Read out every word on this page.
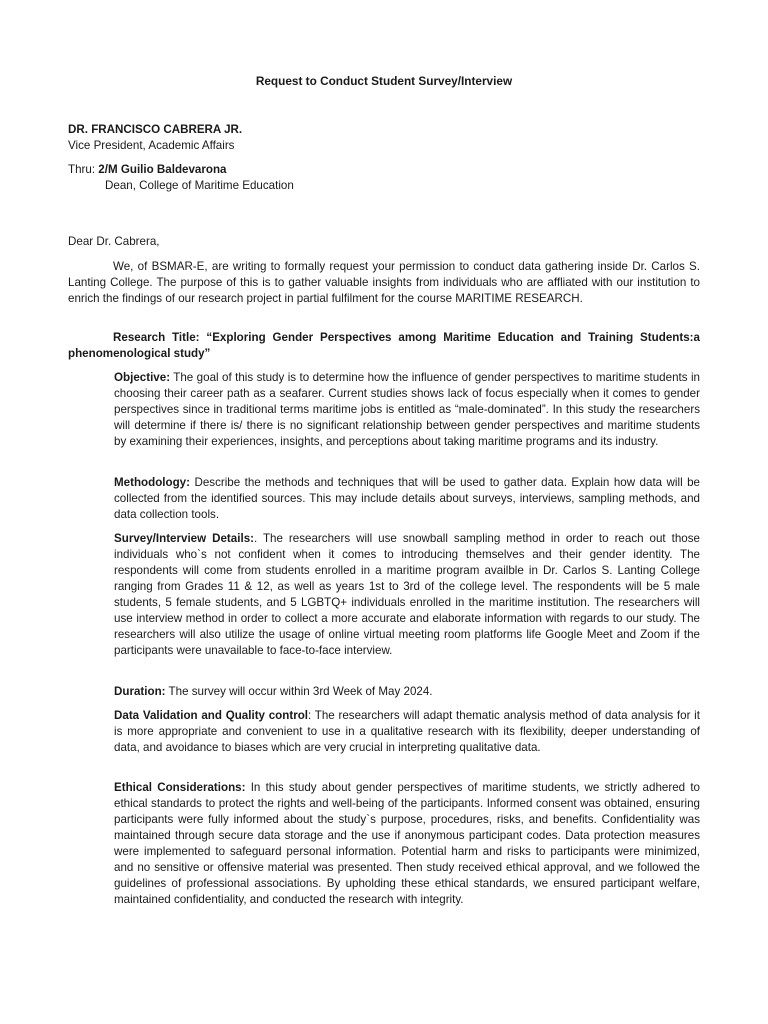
Request to Conduct Student Survey/Interview
DR. FRANCISCO CABRERA JR.
Vice President, Academic Affairs
Thru: 2/M Guilio Baldevarona
Dean, College of Maritime Education
Dear Dr. Cabrera,

We, of BSMAR-E, are writing to formally request your permission to conduct data gathering inside Dr. Carlos S. Lanting College. The purpose of this is to gather valuable insights from individuals who are affliated with our institution to enrich the findings of our research project in partial fulfilment for the course MARITIME RESEARCH.

Research Title: “Exploring Gender Perspectives among Maritime Education and Training Students:a phenomenological study”

Objective: The goal of this study is to determine how the influence of gender perspectives to maritime students in choosing their career path as a seafarer. Current studies shows lack of focus especially when it comes to gender perspectives since in traditional terms maritime jobs is entitled as “male-dominated”. In this study the researchers will determine if there is/ there is no significant relationship between gender perspectives and maritime students by examining their experiences, insights, and perceptions about taking maritime programs and its industry.

Methodology: Describe the methods and techniques that will be used to gather data. Explain how data will be collected from the identified sources. This may include details about surveys, interviews, sampling methods, and data collection tools.

Survey/Interview Details:. The researchers will use snowball sampling method in order to reach out those individuals who`s not confident when it comes to introducing themselves and their gender identity. The respondents will come from students enrolled in a maritime program availble in Dr. Carlos S. Lanting College ranging from Grades 11 & 12, as well as years 1st to 3rd of the college level. The respondents will be 5 male students, 5 female students, and 5 LGBTQ+ individuals enrolled in the maritime institution. The researchers will use interview method in order to collect a more accurate and elaborate information with regards to our study. The researchers will also utilize the usage of online virtual meeting room platforms life Google Meet and Zoom if the participants were unavailable to face-to-face interview.

Duration: The survey will occur within 3rd Week of May 2024.

Data Validation and Quality control: The researchers will adapt thematic analysis method of data analysis for it is more appropriate and convenient to use in a qualitative research with its flexibility, deeper understanding of data, and avoidance to biases which are very crucial in interpreting qualitative data.

Ethical Considerations: In this study about gender perspectives of maritime students, we strictly adhered to ethical standards to protect the rights and well-being of the participants. Informed consent was obtained, ensuring participants were fully informed about the study`s purpose, procedures, risks, and benefits. Confidentiality was maintained through secure data storage and the use if anonymous participant codes. Data protection measures were implemented to safeguard personal information. Potential harm and risks to participants were minimized, and no sensitive or offensive material was presented. Then study received ethical approval, and we followed the guidelines of professional associations. By upholding these ethical standards, we ensured participant welfare, maintained confidentiality, and conducted the research with integrity.
